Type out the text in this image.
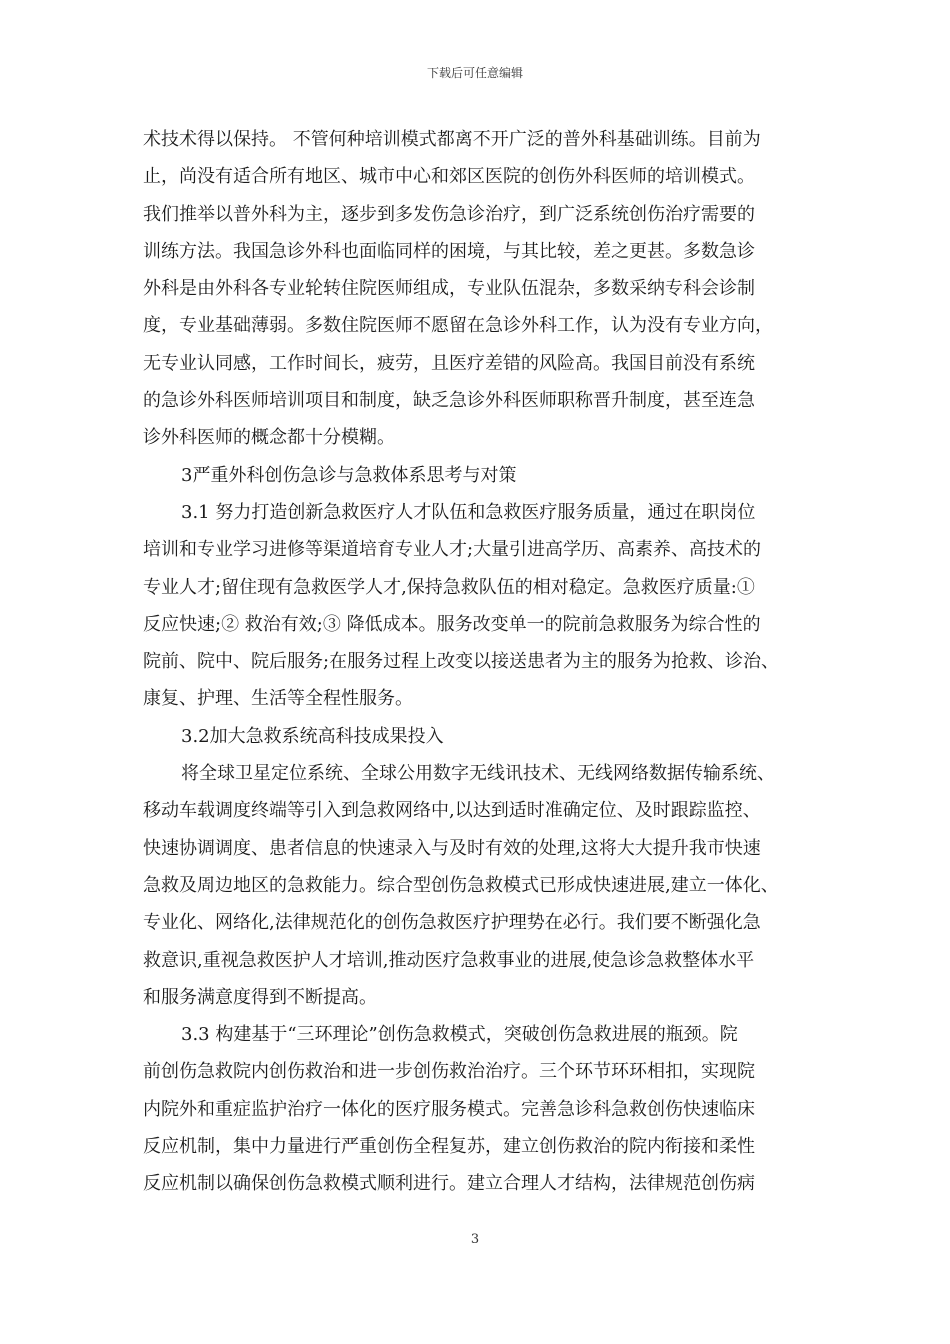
下载后可任意编辑
术技术得以保持。 不管何种培训模式都离不开广泛的普外科基础训练。目前为
止，尚没有适合所有地区、城市中心和郊区医院的创伤外科医师的培训模式。
我们推举以普外科为主，逐步到多发伤急诊治疗，到广泛系统创伤治疗需要的
训练方法。我国急诊外科也面临同样的困境，与其比较，差之更甚。多数急诊
外科是由外科各专业轮转住院医师组成，专业队伍混杂，多数采纳专科会诊制
度，专业基础薄弱。多数住院医师不愿留在急诊外科工作，认为没有专业方向，
无专业认同感，工作时间长，疲劳，且医疗差错的风险高。我国目前没有系统
的急诊外科医师培训项目和制度，缺乏急诊外科医师职称晋升制度，甚至连急
诊外科医师的概念都十分模糊。
3严重外科创伤急诊与急救体系思考与对策
3.1 努力打造创新急救医疗人才队伍和急救医疗服务质量，通过在职岗位
培训和专业学习进修等渠道培育专业人才;大量引进高学历、高素养、高技术的
专业人才;留住现有急救医学人才,保持急救队伍的相对稳定。急救医疗质量:①
反应快速;② 救治有效;③ 降低成本。服务改变单一的院前急救服务为综合性的
院前、院中、院后服务;在服务过程上改变以接送患者为主的服务为抢救、诊治、
康复、护理、生活等全程性服务。
3.2加大急救系统高科技成果投入
将全球卫星定位系统、全球公用数字无线讯技术、无线网络数据传输系统、
移动车载调度终端等引入到急救网络中,以达到适时准确定位、及时跟踪监控、
快速协调调度、患者信息的快速录入与及时有效的处理,这将大大提升我市快速
急救及周边地区的急救能力。综合型创伤急救模式已形成快速进展,建立一体化、
专业化、网络化,法律规范化的创伤急救医疗护理势在必行。我们要不断强化急
救意识,重视急救医护人才培训,推动医疗急救事业的进展,使急诊急救整体水平
和服务满意度得到不断提高。
3.3 构建基于“三环理论”创伤急救模式，突破创伤急救进展的瓶颈。院
前创伤急救院内创伤救治和进一步创伤救治治疗。三个环节环环相扣，实现院
内院外和重症监护治疗一体化的医疗服务模式。完善急诊科急救创伤快速临床
反应机制，集中力量进行严重创伤全程复苏，建立创伤救治的院内衔接和柔性
反应机制以确保创伤急救模式顺利进行。建立合理人才结构，法律规范创伤病
3
